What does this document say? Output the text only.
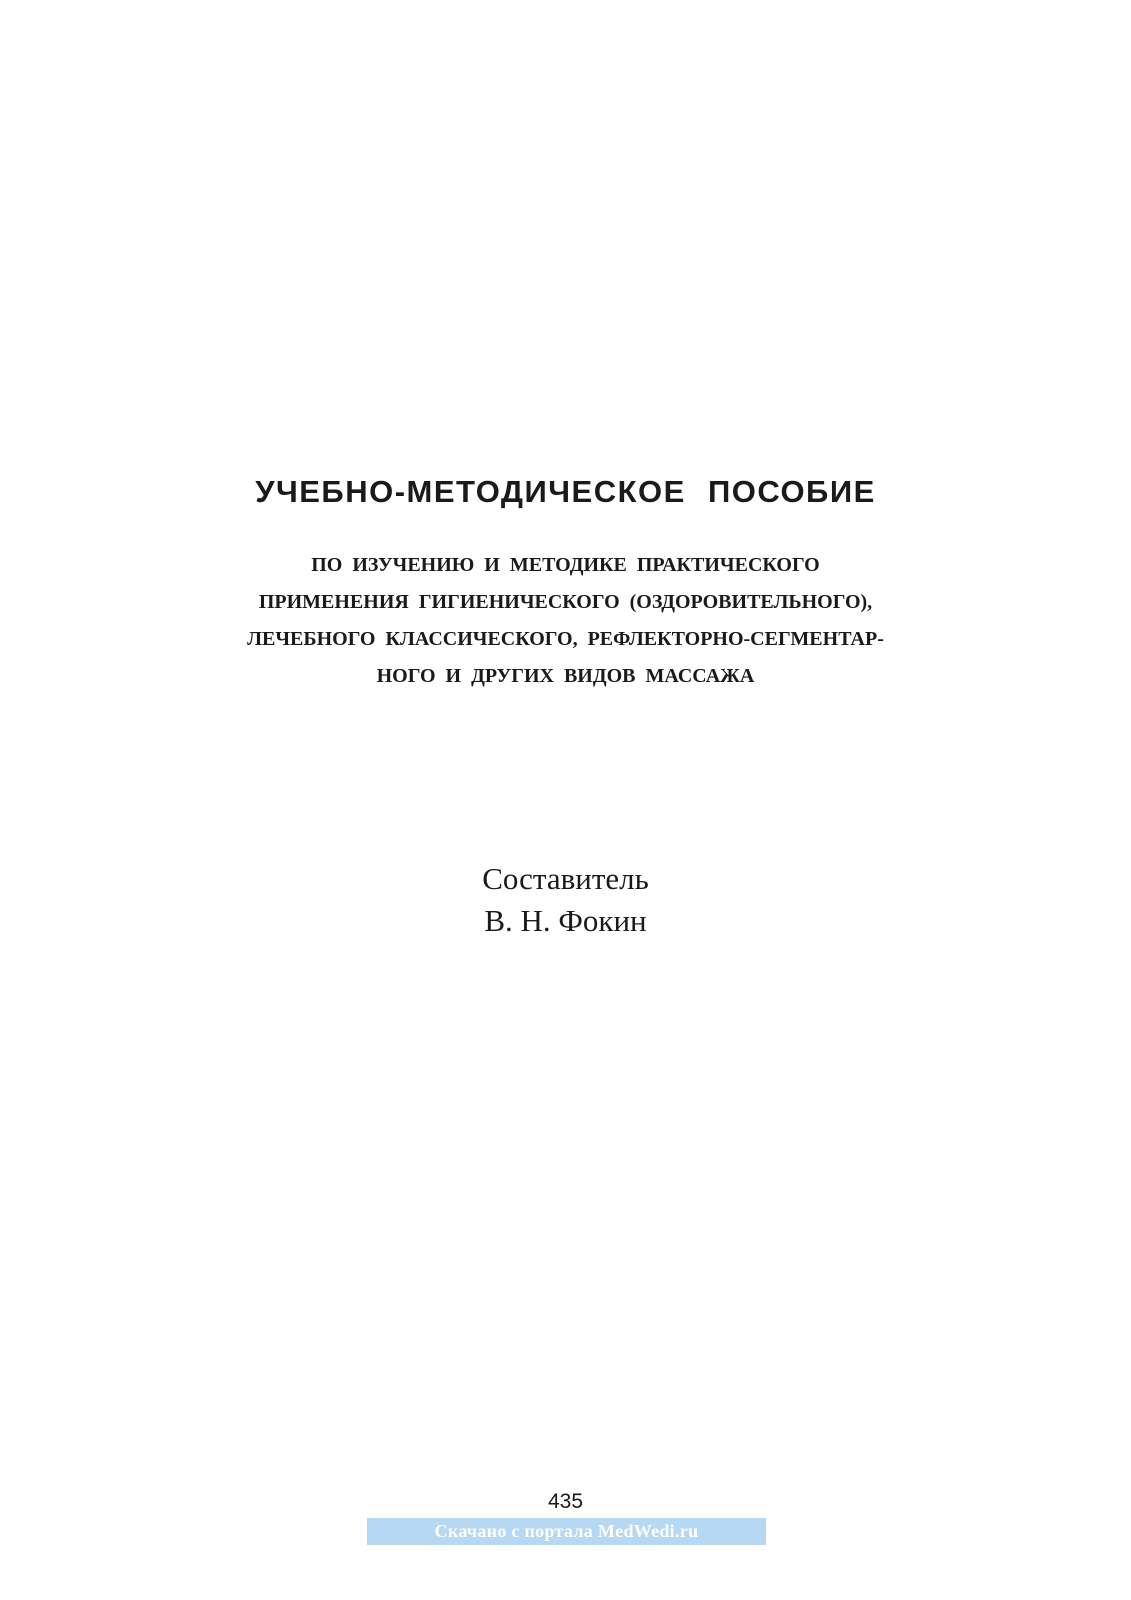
УЧЕБНО-МЕТОДИЧЕСКОЕ ПОСОБИЕ
ПО ИЗУЧЕНИЮ И МЕТОДИКЕ ПРАКТИЧЕСКОГО
ПРИМЕНЕНИЯ ГИГИЕНИЧЕСКОГО (ОЗДОРОВИТЕЛЬНОГО),
ЛЕЧЕБНОГО КЛАССИЧЕСКОГО, РЕФЛЕКТОРНО-СЕГМЕНТАР-
НОГО И ДРУГИХ ВИДОВ МАССАЖА
Составитель
В. Н. Фокин
435
Скачано с портала MedWedi.ru
